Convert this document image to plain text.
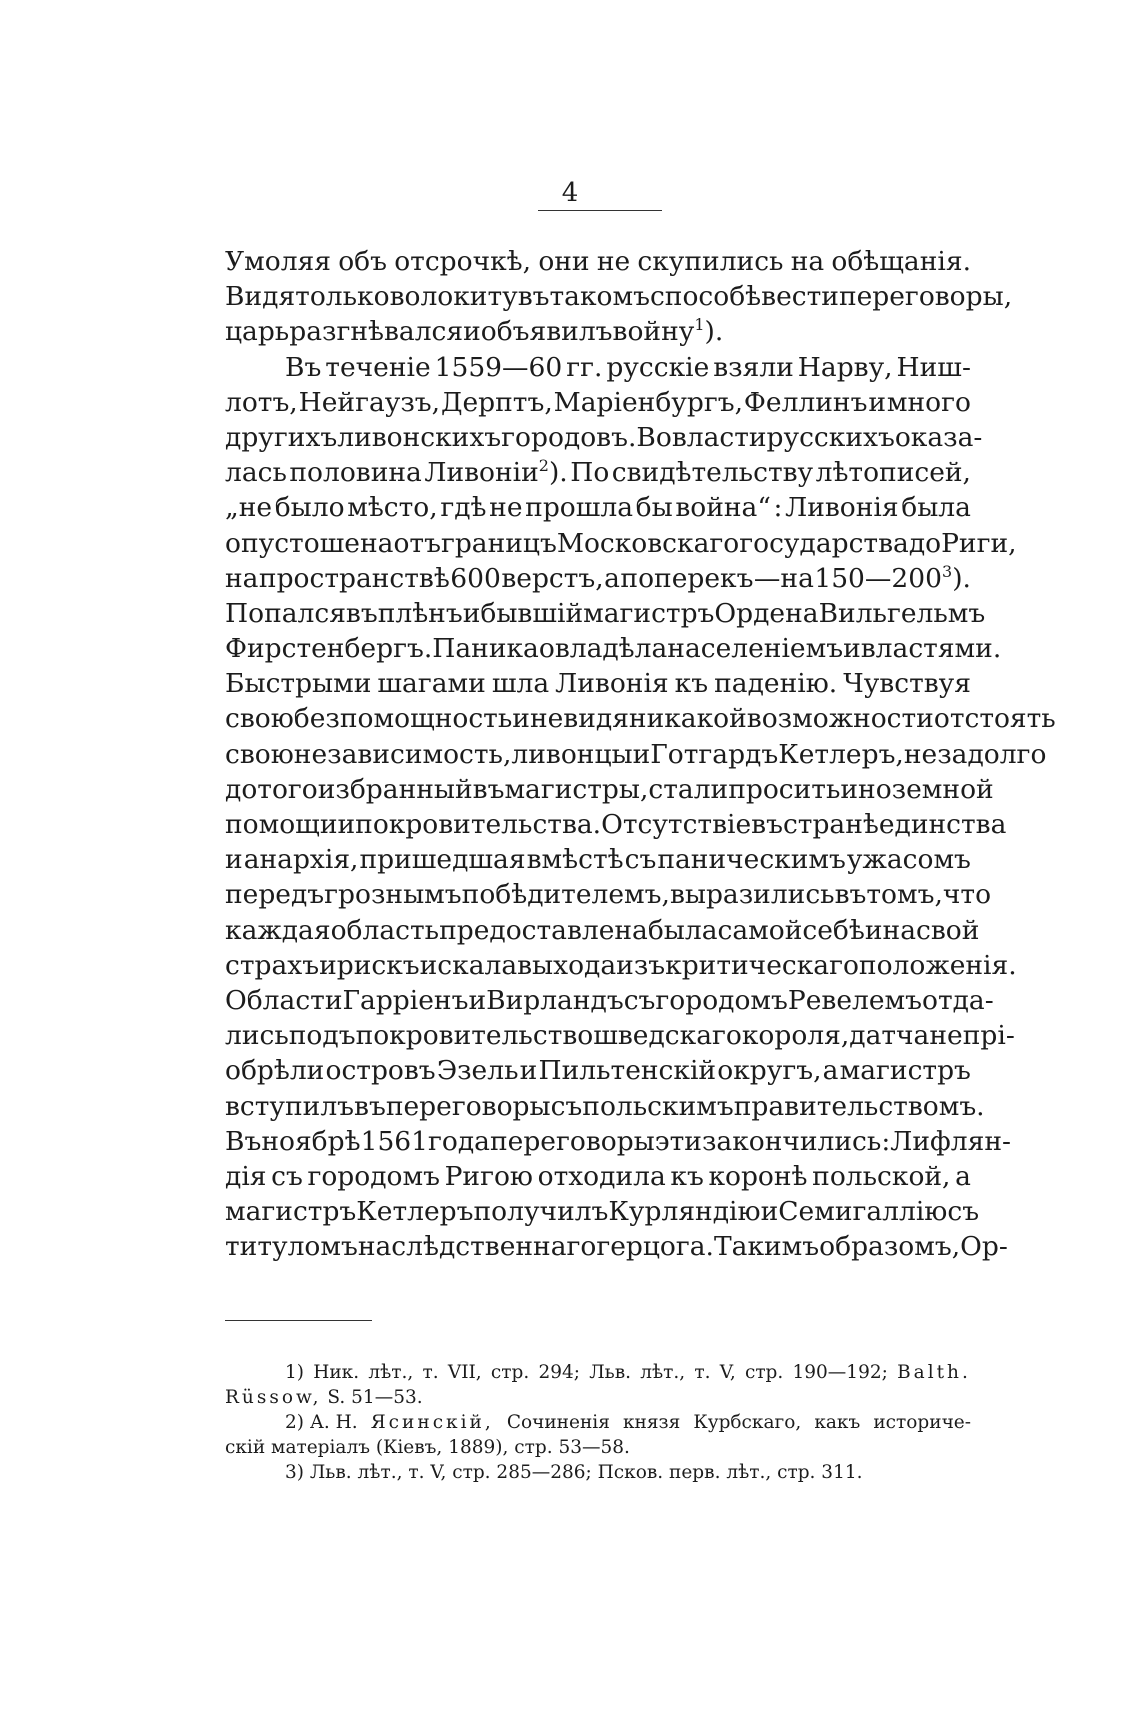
4
Умоляя объ отсрочкѣ, они не скупились на обѣщанія.
Видя только волокиту въ такомъ способѣ вести переговоры,
царь разгнѣвался и объявилъ войну$^1$).
Въ теченіе 1559—60 гг. русскіе взяли Нарву, Ниш-
лотъ, Нейгаузъ, Дерптъ, Маріенбургъ, Феллинъ и много
другихъ ливонскихъ городовъ. Во власти русскихъ оказа-
лась половина Ливоніи$^2$). По свидѣтельству лѣтописей,
„не было мѣсто, гдѣ не прошла бы война“ : Ливонія была
опустошена отъ границъ Московскаго государства до Риги,
на пространствѣ 600 верстъ, а поперекъ —на $150—200^3$).
Попался въ плѣнъ и бывшій магистръ Ордена Вильгельмъ
Фирстенбергъ. Паника овладѣла населеніемъ и властями.
Быстрыми шагами шла Ливонія къ паденію. Чувствуя
свою безпомощность и не видя никакой возможности отстоять
свою независимость, ливонцы и Готгардъ Кетлеръ, незадолго
до того избранный въ магистры, стали просить иноземной
помощи и покровительства. Отсутствіе въ странѣ единства
и анархія, пришедшая вмѣстѣ съ паническимъ ужасомъ
передъ грознымъ побѣдителемъ, выразились въ томъ, что
каждая область предоставлена была самой себѣ и на свой
страхъ и рискъ искала выхода изъ критическаго положенія.
Области Гарріенъ и Вирландъ съ городомъ Ревелемъ отда-
лись подъ покровительство шведскаго короля, датчане прі-
обрѣли островъ Эзель и Пильтенскій округъ, а магистръ
вступилъ въ переговоры съ польскимъ правительствомъ.
Въ ноябрѣ 1561 года переговоры эти закончились : Лифлян-
дія съ городомъ Ригою отходила къ коронѣ польской, а
магистръ Кетлеръ получилъ Курляндію и Семигаллію съ
титуломъ наслѣдственнаго герцога. Такимъ образомъ, Ор-
1) Ник. лѣт., т. VII, стр. 294; Льв. лѣт., т. V, стр. 190—192; Balth.
Rüssow,
S. 51—53.
2) А. Н. Ясинскій, Сочиненія князя Курбскаго, какъ историче-
скій матеріалъ (Кіевъ, 1889), стр. 53—58.
3) Льв. лѣт., т. V, стр. 285—286; Псков. перв. лѣт., стр. 311.
